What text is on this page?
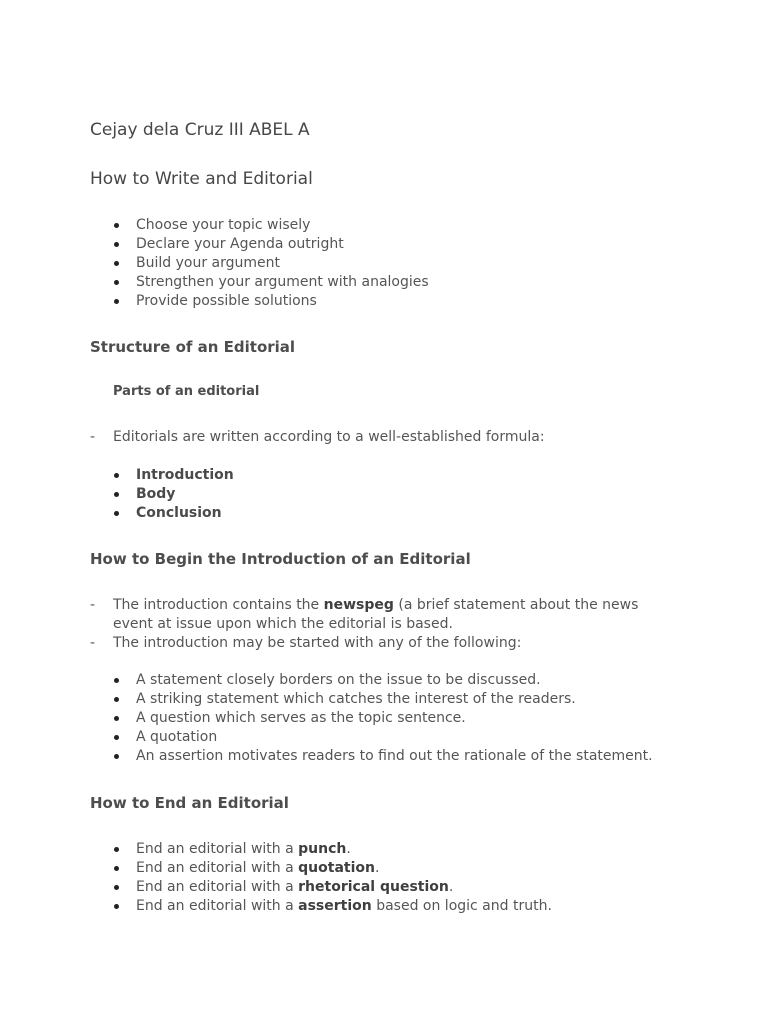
Cejay dela Cruz III ABEL A
How to Write and Editorial
Choose your topic wisely
Declare your Agenda outright
Build your argument
Strengthen your argument with analogies
Provide possible solutions
Structure of an Editorial
Parts of an editorial
- Editorials are written according to a well-established formula:
Introduction
Body
Conclusion
How to Begin the Introduction of an Editorial
- The introduction contains the newspeg (a brief statement about the news
event at issue upon which the editorial is based.
- The introduction may be started with any of the following:
A statement closely borders on the issue to be discussed.
A striking statement which catches the interest of the readers.
A question which serves as the topic sentence.
A quotation
An assertion motivates readers to find out the rationale of the statement.
How to End an Editorial
End an editorial with a punch.
End an editorial with a quotation.
End an editorial with a rhetorical question.
End an editorial with a assertion based on logic and truth.
